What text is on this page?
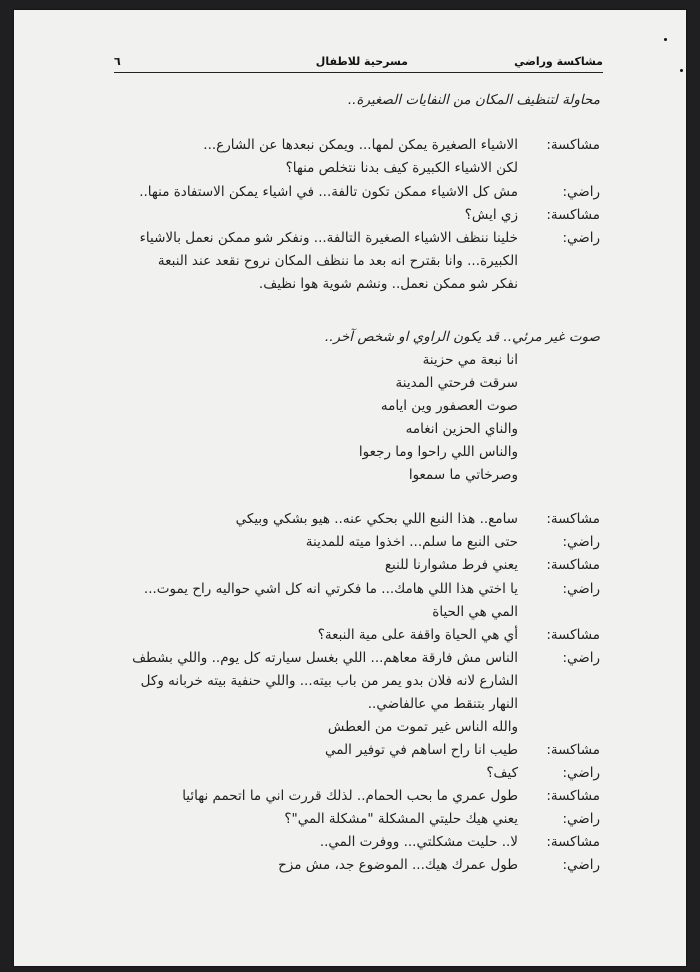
مشاكسة وراضي
مسرحية للاطفال
٦
محاولة لتنظيف المكان من النفايات الصغيرة..
مشاكسة:
الاشياء الصغيرة يمكن لمها... ويمكن نبعدها عن الشارع...
لكن الاشياء الكبيرة كيف بدنا نتخلص منها؟
راضي:
مش كل الاشياء ممكن تكون تالفة... في اشياء يمكن الاستفادة منها..
مشاكسة:
زي ايش؟
راضي:
خلينا ننظف الاشياء الصغيرة التالفة... ونفكر شو ممكن نعمل بالاشياء
الكبيرة... وانا بقترح انه بعد ما ننظف المكان نروح نقعد عند النبعة
نفكر شو ممكن نعمل.. ونشم شوية هوا نظيف.
صوت غير مرئي.. قد يكون الراوي او شخص آخر..
انا نبعة مي حزينة
سرقت فرحتي المدينة
صوت العصفور وين ايامه
والناي الحزين انغامه
والناس اللي راحوا وما رجعوا
وصرخاتي ما سمعوا
مشاكسة:
سامع.. هذا النبع اللي بحكي عنه.. هيو بشكي وبيكي
راضي:
حتى النبع ما سلم... اخذوا ميته للمدينة
مشاكسة:
يعني فرط مشوارنا للنبع
راضي:
يا اختي هذا اللي هامك... ما فكرتي انه كل اشي حواليه راح يموت...
المي هي الحياة
مشاكسة:
أي هي الحياة واقفة على مية النبعة؟
راضي:
الناس مش فارقة معاهم... اللي بغسل سيارته كل يوم.. واللي بشطف
الشارع لانه فلان بدو يمر من باب بيته... واللي حنفية بيته خربانه وكل
النهار بتنقط مي عالفاضي..
والله الناس غير تموت من العطش
مشاكسة:
طيب انا راح اساهم في توفير المي
راضي:
كيف؟
مشاكسة:
طول عمري ما بحب الحمام.. لذلك قررت اني ما اتحمم نهائيا
راضي:
يعني هيك حليتي المشكلة "مشكلة المي"؟
مشاكسة:
لا.. حليت مشكلتي... ووفرت المي..
راضي:
طول عمرك هيك... الموضوع جد، مش مزح
